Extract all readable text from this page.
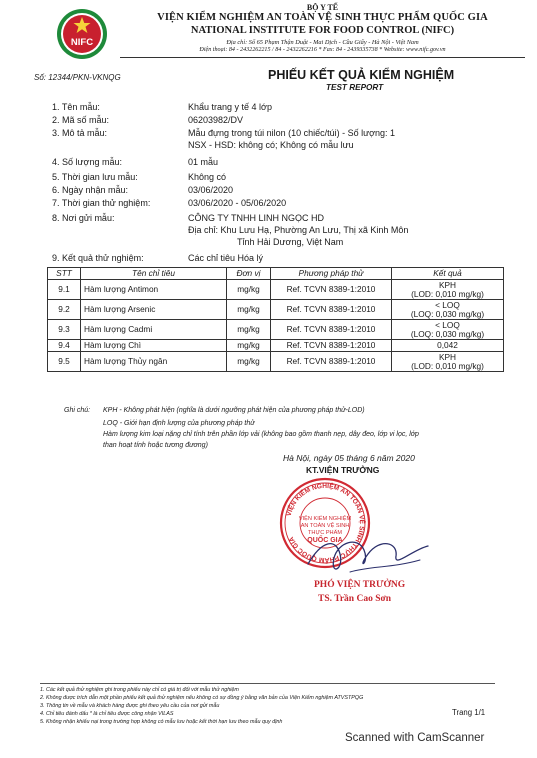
NIFC
BỘ Y TẾ
VIỆN KIỂM NGHIỆM AN TOÀN VỆ SINH THỰC PHẨM QUỐC GIA
NATIONAL INSTITUTE FOR FOOD CONTROL (NIFC)
Địa chỉ: Số 65 Phạm Thận Duật - Mai Dịch - Cầu Giấy - Hà Nội - Việt Nam
Điện thoại: 84 - 2432262215 / 84 - 2432262216 * Fax: 84 - 2439335738 * Website: www.nifc.gov.vn
Số: 12344/PKN-VKNQG	PHIẾU KẾT QUẢ KIỂM NGHIỆM
TEST REPORT
1. Tên mẫu:	Khẩu trang y tế 4 lớp
2. Mã số mẫu:	06203982/DV
3. Mô tả mẫu:	Mẫu đựng trong túi nilon (10 chiếc/túi) - Số lượng: 1
NSX - HSD: không có; Không có mẫu lưu
4. Số lượng mẫu:	01 mẫu
5. Thời gian lưu mẫu:	Không có
6. Ngày nhận mẫu:	03/06/2020
7. Thời gian thử nghiệm:	03/06/2020 - 05/06/2020
8. Nơi gửi mẫu:	CÔNG TY TNHH LINH NGỌC HD
Địa chỉ: Khu Lưu Hạ, Phường An Lưu, Thị xã Kinh Môn
Tỉnh Hải Dương, Việt Nam
9. Kết quả thử nghiệm:	Các chỉ tiêu Hóa lý
STT	Tên chỉ tiêu	Đơn vị	Phương pháp thử	Kết quả
9.1	Hàm lượng Antimon	mg/kg	Ref. TCVN 8389-1:2010	KPH
(LOD: 0,010 mg/kg)

9.2	Hàm lượng Arsenic	mg/kg	Ref. TCVN 8389-1:2010	< LOQ
(LOQ: 0,030 mg/kg)

9.3	Hàm lượng Cadmi	mg/kg	Ref. TCVN 8389-1:2010	< LOQ
(LOQ: 0,030 mg/kg)

9.4	Hàm lượng Chì	mg/kg	Ref. TCVN 8389-1:2010	0,042
9.5	Hàm lượng Thủy ngân	mg/kg	Ref. TCVN 8389-1:2010	KPH
(LOD: 0,010 mg/kg)
Ghi chú: KPH - Không phát hiện (nghĩa là dưới ngưỡng phát hiện của phương pháp thử-LOD)
LOQ - Giới hạn định lượng của phương pháp thử
Hàm lượng kim loại nặng chỉ tính trên phần lớp vải (không bao gồm thanh nẹp, dây đeo, lớp vi lọc, lớp
than hoạt tính hoặc tương đương)
Hà Nội, ngày 05 tháng 6 năm 2020
KT.VIỆN TRƯỞNG
VIỆN KIỂM NGHIỆM AN TOÀN VỆ SINH THỰC PHẨM QUỐC GIA
VIỆN KIỂM NGHIỆM
AN TOÀN VỆ SINH
THỰC PHẨM
QUỐC GIA
PHÓ VIỆN TRƯỞNG
TS. Trần Cao Sơn
1. Các kết quả thử nghiệm ghi trong phiếu này chỉ có giá trị đối với mẫu thử nghiệm
2. Không được trích dẫn một phần phiếu kết quả thử nghiệm nếu không có sự đồng ý bằng văn bản của Viện Kiểm nghiệm ATVSTPQG
3. Thông tin về mẫu và khách hàng được ghi theo yêu cầu của nơi gửi mẫu
4. Chỉ tiêu đánh dấu * là chỉ tiêu được công nhận VILAS
5. Không nhận khiếu nại trong trường hợp không có mẫu lưu hoặc kết thời hạn lưu theo mẫu quy định
Trang 1/1
Scanned with CamScanner
